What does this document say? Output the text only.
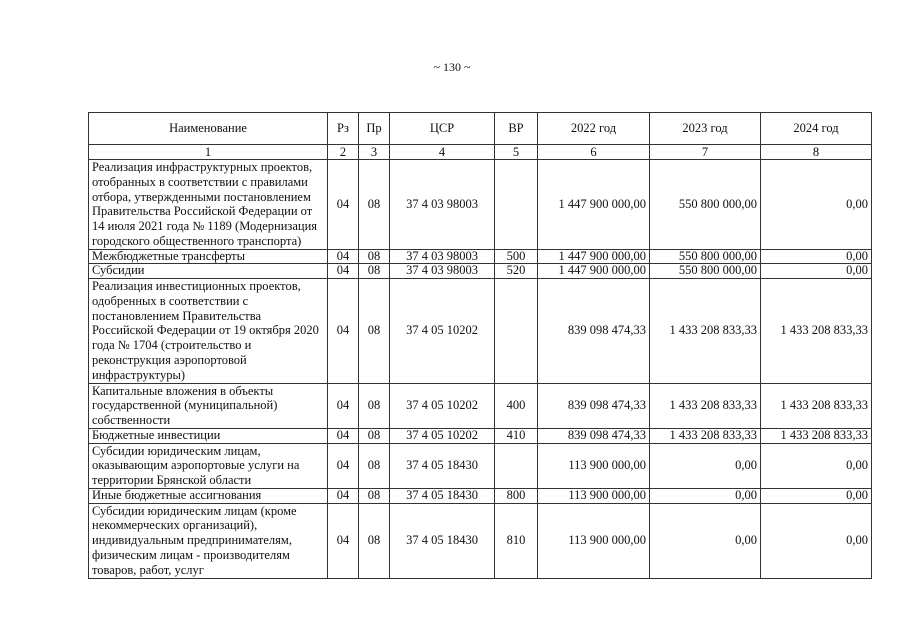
~ 130 ~
Наименование	Рз	Пр	ЦСР	ВР	2022 год	2023 год	2024 год
1	2	3	4	5	6	7	8
Реализация инфраструктурных проектов, отобранных в соответствии с правилами отбора, утвержденными постановлением Правительства Российской Федерации от 14 июля 2021 года № 1189 (Модернизация городского общественного транспорта)	04	08	37 4 03 98003		1 447 900 000,00	550 800 000,00	0,00
Межбюджетные трансферты	04	08	37 4 03 98003	500	1 447 900 000,00	550 800 000,00	0,00
Субсидии	04	08	37 4 03 98003	520	1 447 900 000,00	550 800 000,00	0,00
Реализация инвестиционных проектов, одобренных в соответствии с постановлением Правительства Российской Федерации от 19 октября 2020 года № 1704 (строительство и реконструкция аэропортовой инфраструктуры)	04	08	37 4 05 10202		839 098 474,33	1 433 208 833,33	1 433 208 833,33
Капитальные вложения в объекты государственной (муниципальной) собственности	04	08	37 4 05 10202	400	839 098 474,33	1 433 208 833,33	1 433 208 833,33
Бюджетные инвестиции	04	08	37 4 05 10202	410	839 098 474,33	1 433 208 833,33	1 433 208 833,33
Субсидии юридическим лицам, оказывающим аэропортовые услуги на территории Брянской области	04	08	37 4 05 18430		113 900 000,00	0,00	0,00
Иные бюджетные ассигнования	04	08	37 4 05 18430	800	113 900 000,00	0,00	0,00
Субсидии юридическим лицам (кроме некоммерческих организаций), индивидуальным предпринимателям, физическим лицам - производителям товаров, работ, услуг	04	08	37 4 05 18430	810	113 900 000,00	0,00	0,00
